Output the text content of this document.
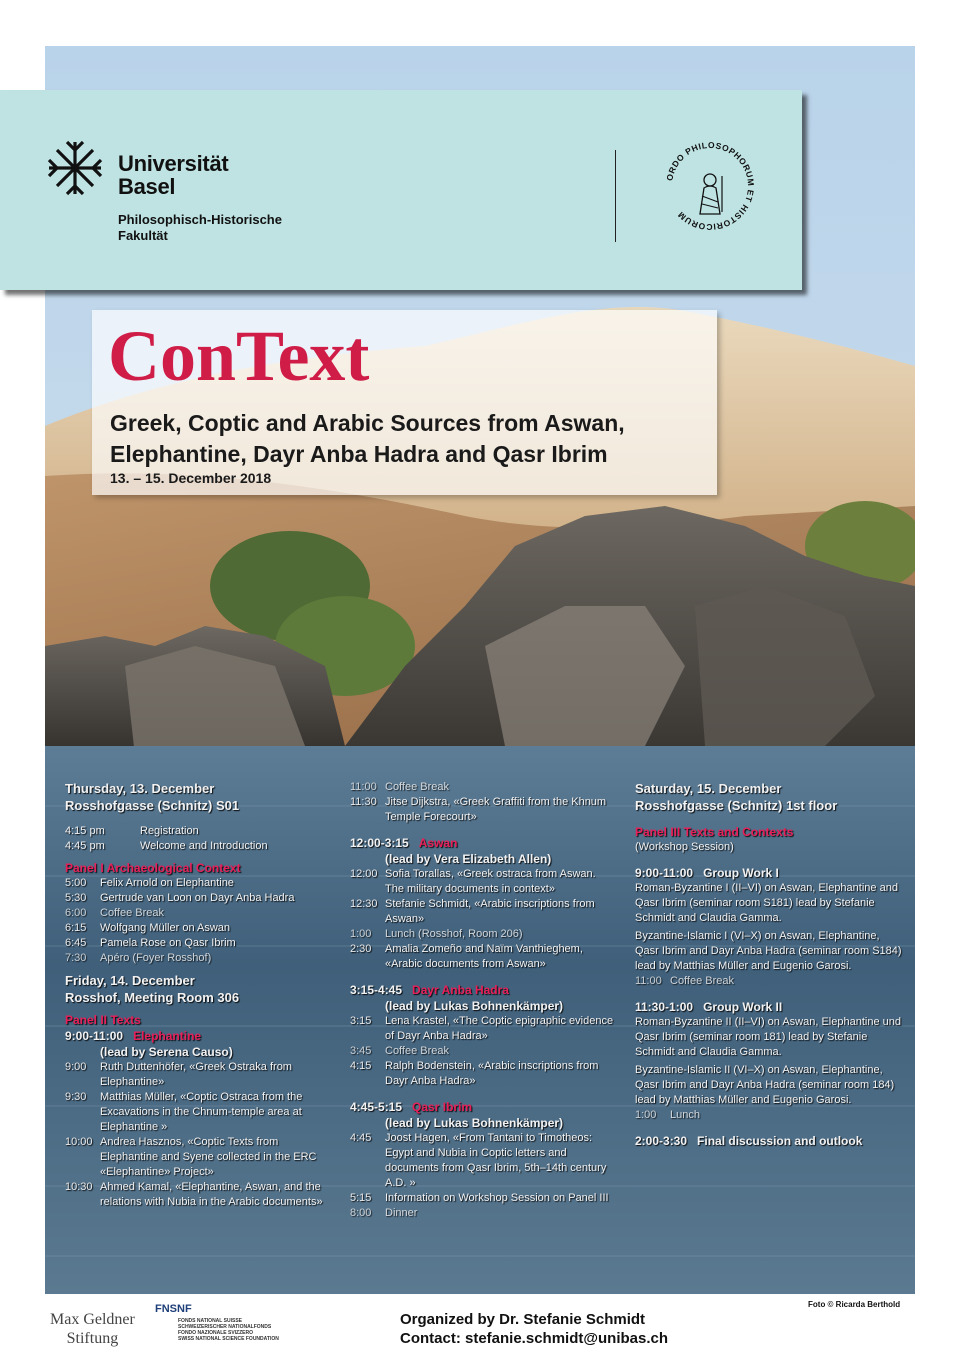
Universität
Basel
Philosophisch-Historische
Fakultät
ORDO PHILOSOPHORUM ET HISTORICORUM
ConText
Greek, Coptic and Arabic Sources from Aswan,
Elephantine, Dayr Anba Hadra and Qasr Ibrim
13. – 15. December 2018
Thursday, 13. December
Rosshofgasse (Schnitz) S01
4:15 pm	Registration
4:45 pm	Welcome and Introduction
Panel I Archaeological Context
5:00	Felix Arnold on Elephantine
5:30	Gertrude van Loon on Dayr Anba Hadra
6:00	Coffee Break
6:15	Wolfgang Müller on Aswan
6:45	Pamela Rose on Qasr Ibrim
7:30	Apéro (Foyer Rosshof)
Friday, 14. December
Rosshof, Meeting Room 306
Panel II Texts
9:00-11:00 Elephantine
(lead by Serena Causo)
9:00	Ruth Duttenhöfer, «Greek Ostraka from Elephantine»
9:30	Matthias Müller, «Coptic Ostraca from the Excavations in the Chnum-temple area at Elephantine »
10:00 Andrea Hasznos, «Coptic Texts from Elephantine and Syene collected in the ERC «Elephantine» Project»
10:30 Ahmed Kamal, «Elephantine, Aswan, and the relations with Nubia in the Arabic documents»
11:00 Coffee Break
11:30 Jitse Dijkstra, «Greek Graffiti from the Khnum Temple Forecourt»
12:00-3:15 Aswan
(lead by Vera Elizabeth Allen)
12:00 Sofia Torallas, «Greek ostraca from Aswan. The military documents in context»
12:30 Stefanie Schmidt, «Arabic inscriptions from Aswan»
1:00	Lunch (Rosshof, Room 206)
2:30	Amalia Zomeño and Naïm Vanthieghem, «Arabic documents from Aswan»
3:15-4:45 Dayr Anba Hadra
(lead by Lukas Bohnenkämper)
3:15	Lena Krastel, «The Coptic epigraphic evidence of Dayr Anba Hadra»
3:45	Coffee Break
4:15	Ralph Bodenstein, «Arabic inscriptions from Dayr Anba Hadra»
4:45-5:15 Qasr Ibrim
(lead by Lukas Bohnenkämper)
4:45	Joost Hagen, «From Tantani to Timotheos: Egypt and Nubia in Coptic letters and documents from Qasr Ibrim, 5th–14th century A.D. »
5:15	Information on Workshop Session on Panel III
8:00	Dinner
Saturday, 15. December
Rosshofgasse (Schnitz) 1st floor
Panel III Texts and Contexts
(Workshop Session)
9:00-11:00 Group Work I
Roman-Byzantine I (II–VI) on Aswan, Elephantine and Qasr Ibrim (seminar room S181) lead by Stefanie Schmidt and Claudia Gamma.
Byzantine-Islamic I (VI–X) on Aswan, Elephantine, Qasr Ibrim and Dayr Anba Hadra (seminar room S184) lead by Matthias Müller and Eugenio Garosi.
11:00 Coffee Break
11:30-1:00 Group Work II
Roman-Byzantine II (II–VI) on Aswan, Elephantine und Qasr Ibrim (seminar room 181) lead by Stefanie Schmidt and Claudia Gamma.
Byzantine-Islamic II (VI–X) on Aswan, Elephantine, Qasr Ibrim and Dayr Anba Hadra (seminar room 184) lead by Matthias Müller and Eugenio Garosi.
1:00	Lunch
2:00-3:30 Final discussion and outlook
Foto © Ricarda Berthold
Max Geldner
Stiftung
FNSNF
FONDS NATIONAL SUISSE
SCHWEIZERISCHER NATIONALFONDS
FONDO NAZIONALE SVIZZERO
SWISS NATIONAL SCIENCE FOUNDATION
Organized by Dr. Stefanie Schmidt
Contact: stefanie.schmidt@unibas.ch
